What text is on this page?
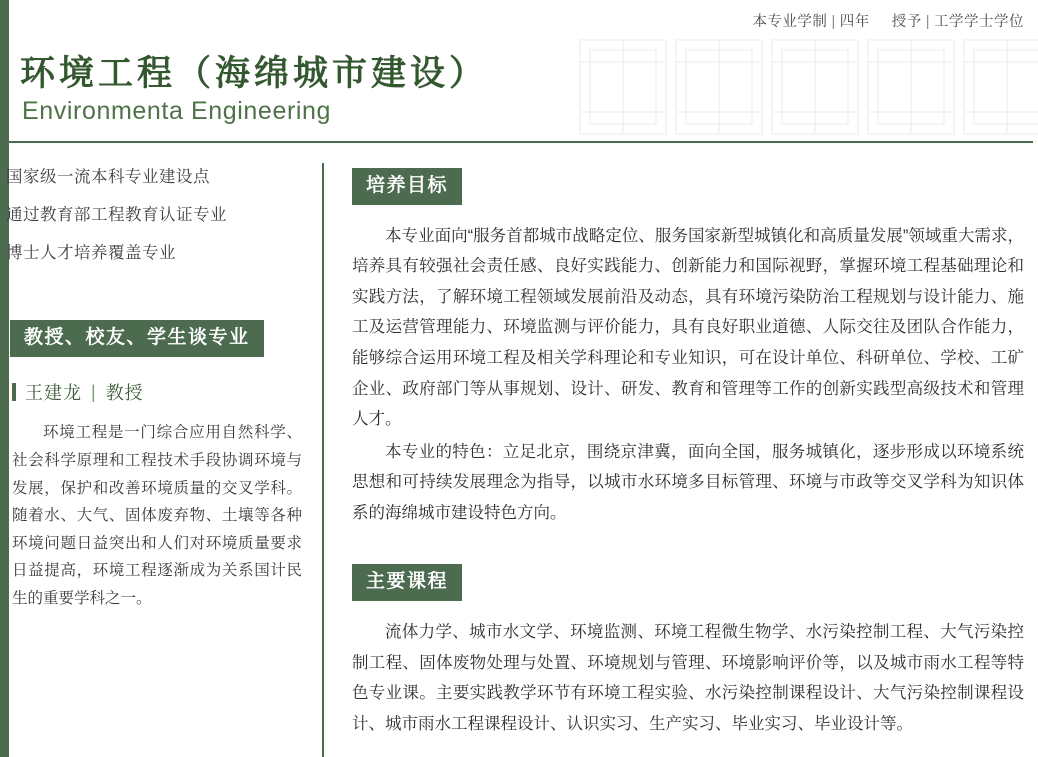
本专业学制 | 四年 授予 | 工学学士学位
环境工程（海绵城市建设）
Environmenta Engineering
国家级一流本科专业建设点
通过教育部工程教育认证专业
博士人才培养覆盖专业
教授、校友、学生谈专业
王建龙 | 教授
环境工程是一门综合应用自然科学、社会科学原理和工程技术手段协调环境与发展，保护和改善环境质量的交叉学科。随着水、大气、固体废弃物、土壤等各种环境问题日益突出和人们对环境质量要求日益提高，环境工程逐渐成为关系国计民生的重要学科之一。
培养目标

本专业面向“服务首都城市战略定位、服务国家新型城镇化和高质量发展”领域重大需求，培养具有较强社会责任感、良好实践能力、创新能力和国际视野，掌握环境工程基础理论和实践方法，了解环境工程领域发展前沿及动态，具有环境污染防治工程规划与设计能力、施工及运营管理能力、环境监测与评价能力，具有良好职业道德、人际交往及团队合作能力，能够综合运用环境工程及相关学科理论和专业知识，可在设计单位、科研单位、学校、工矿企业、政府部门等从事规划、设计、研发、教育和管理等工作的创新实践型高级技术和管理人才。

本专业的特色：立足北京，围绕京津冀，面向全国，服务城镇化，逐步形成以环境系统思想和可持续发展理念为指导，以城市水环境多目标管理、环境与市政等交叉学科为知识体系的海绵城市建设特色方向。

主要课程

流体力学、城市水文学、环境监测、环境工程微生物学、水污染控制工程、大气污染控制工程、固体废物处理与处置、环境规划与管理、环境影响评价等，以及城市雨水工程等特色专业课。主要实践教学环节有环境工程实验、水污染控制课程设计、大气污染控制课程设计、城市雨水工程课程设计、认识实习、生产实习、毕业实习、毕业设计等。
